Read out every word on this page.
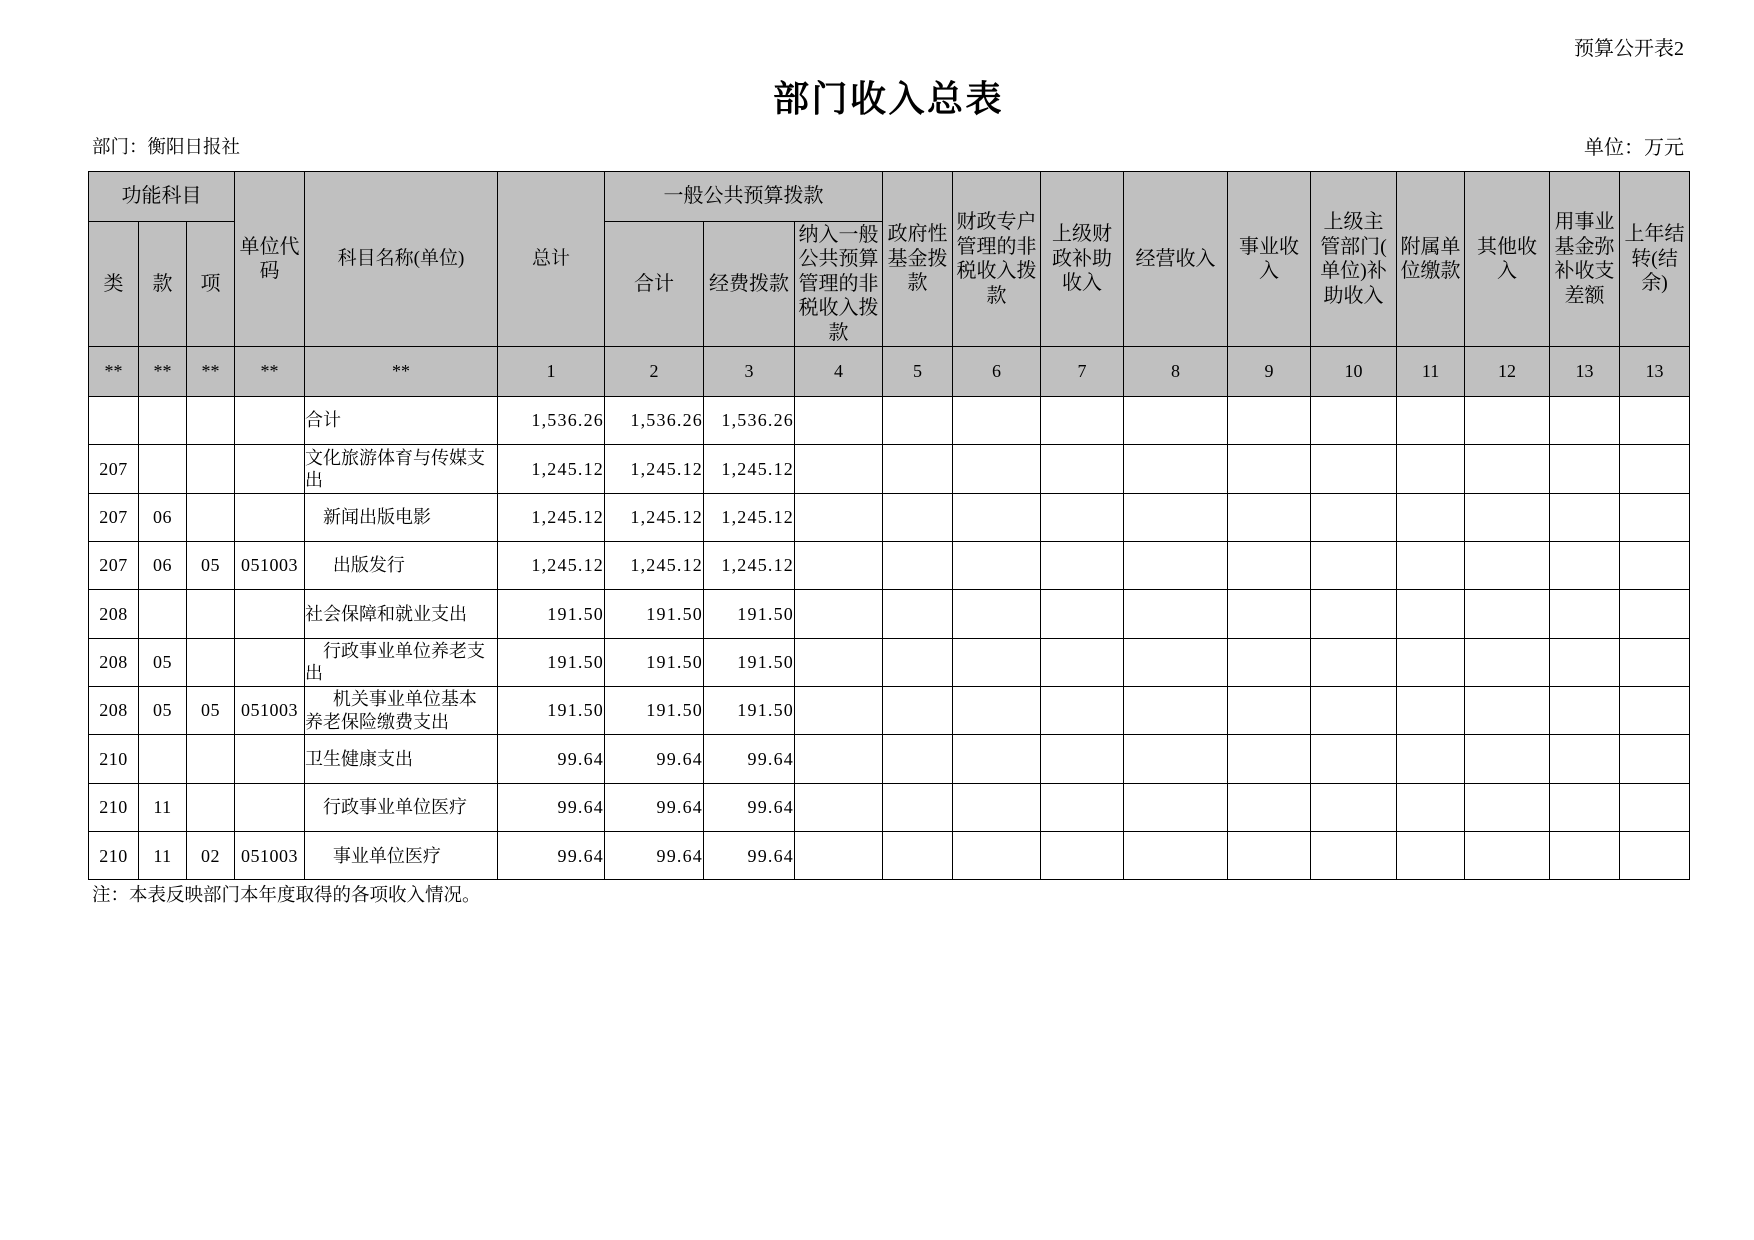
预算公开表2
部门收入总表
部门：衡阳日报社	单位：万元
功能科目			单位代码	科目名称(单位)	总计	一般公共预算拨款			政府性基金拨款	财政专户管理的非税收入拨款	上级财政补助收入	经营收入	事业收入	上级主管部门(单位)补助收入	附属单位缴款	其他收入	用事业基金弥补收支差额	上年结转(结余)

类	款	项				合计	经费拨款	纳入一般公共预算管理的非税收入拨款										

**	**	**	**	**	1	2	3	4	5	6	7	8	9	10	11	12	13	13

				合计	1,536.26	1,536.26	1,536.26											
207				文化旅游体育与传媒支出	1,245.12	1,245.12	1,245.12											
207	06			新闻出版电影	1,245.12	1,245.12	1,245.12											
207	06	05	051003	出版发行	1,245.12	1,245.12	1,245.12											
208				社会保障和就业支出	191.50	191.50	191.50											
208	05			行政事业单位养老支出	191.50	191.50	191.50											
208	05	05	051003	机关事业单位基本养老保险缴费支出	191.50	191.50	191.50											
210				卫生健康支出	99.64	99.64	99.64											
210	11			行政事业单位医疗	99.64	99.64	99.64											
210	11	02	051003	事业单位医疗	99.64	99.64	99.64											
注：本表反映部门本年度取得的各项收入情况。
